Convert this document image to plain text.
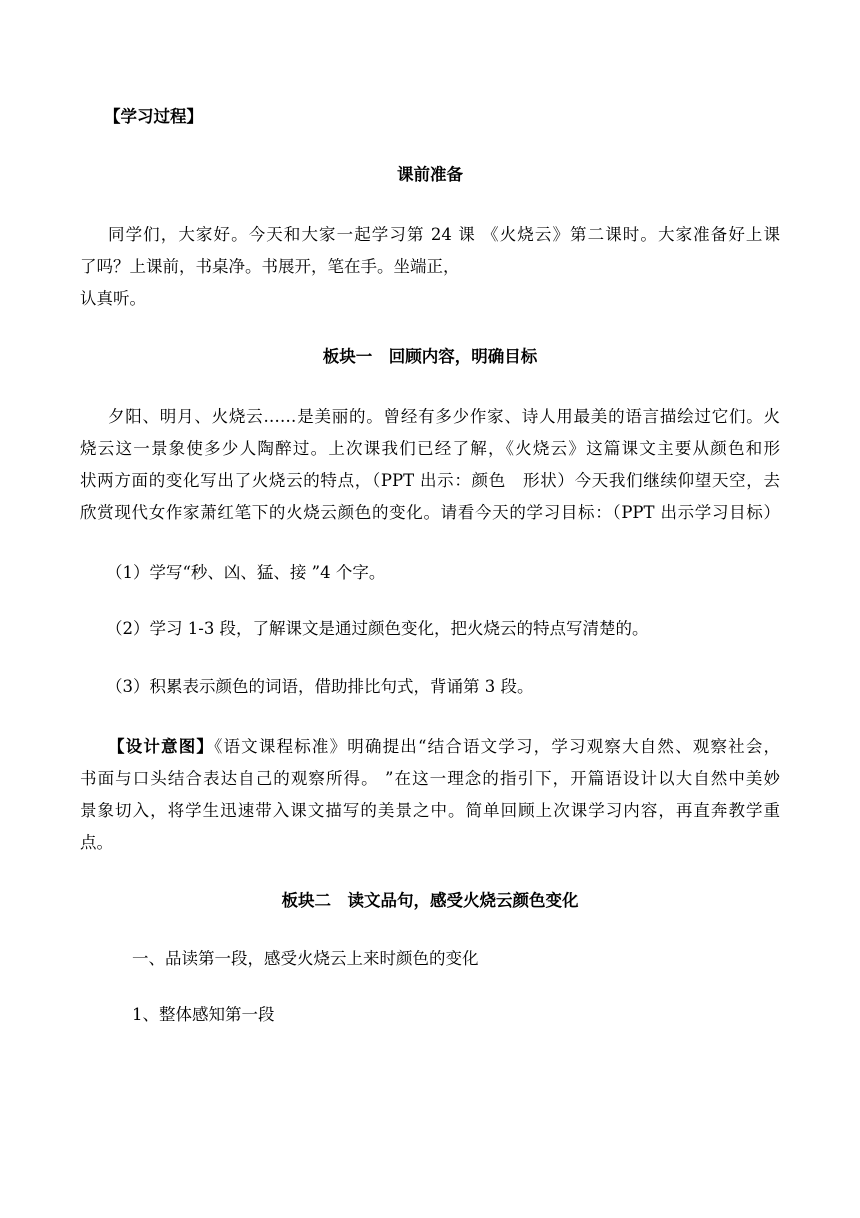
【学习过程】
课前准备
同学们，大家好。今天和大家一起学习第 24 课 《火烧云》第二课时。大家准备好上课
了吗？上课前，书桌净。书展开，笔在手。坐端正，
认真听。
板块一　回顾内容，明确目标
夕阳、明月、火烧云……是美丽的。曾经有多少作家、诗人用最美的语言描绘过它们。火
烧云这一景象使多少人陶醉过。上次课我们已经了解，《火烧云》这篇课文主要从颜色和形
状两方面的变化写出了火烧云的特点，（PPT 出示：颜色　形状）今天我们继续仰望天空，去
欣赏现代女作家萧红笔下的火烧云颜色的变化。请看今天的学习目标：（PPT 出示学习目标）
（1）学写“秒、凶、猛、接 ”4 个字。
（2）学习 1-3 段，了解课文是通过颜色变化，把火烧云的特点写清楚的。
（3）积累表示颜色的词语，借助排比句式，背诵第 3 段。
【设计意图】《语文课程标准》明确提出“结合语文学习，学习观察大自然、观察社会，
书面与口头结合表达自己的观察所得。 ”在这一理念的指引下，开篇语设计以大自然中美妙
景象切入，将学生迅速带入课文描写的美景之中。简单回顾上次课学习内容，再直奔教学重
点。
板块二　读文品句，感受火烧云颜色变化
一、品读第一段，感受火烧云上来时颜色的变化
1、整体感知第一段
